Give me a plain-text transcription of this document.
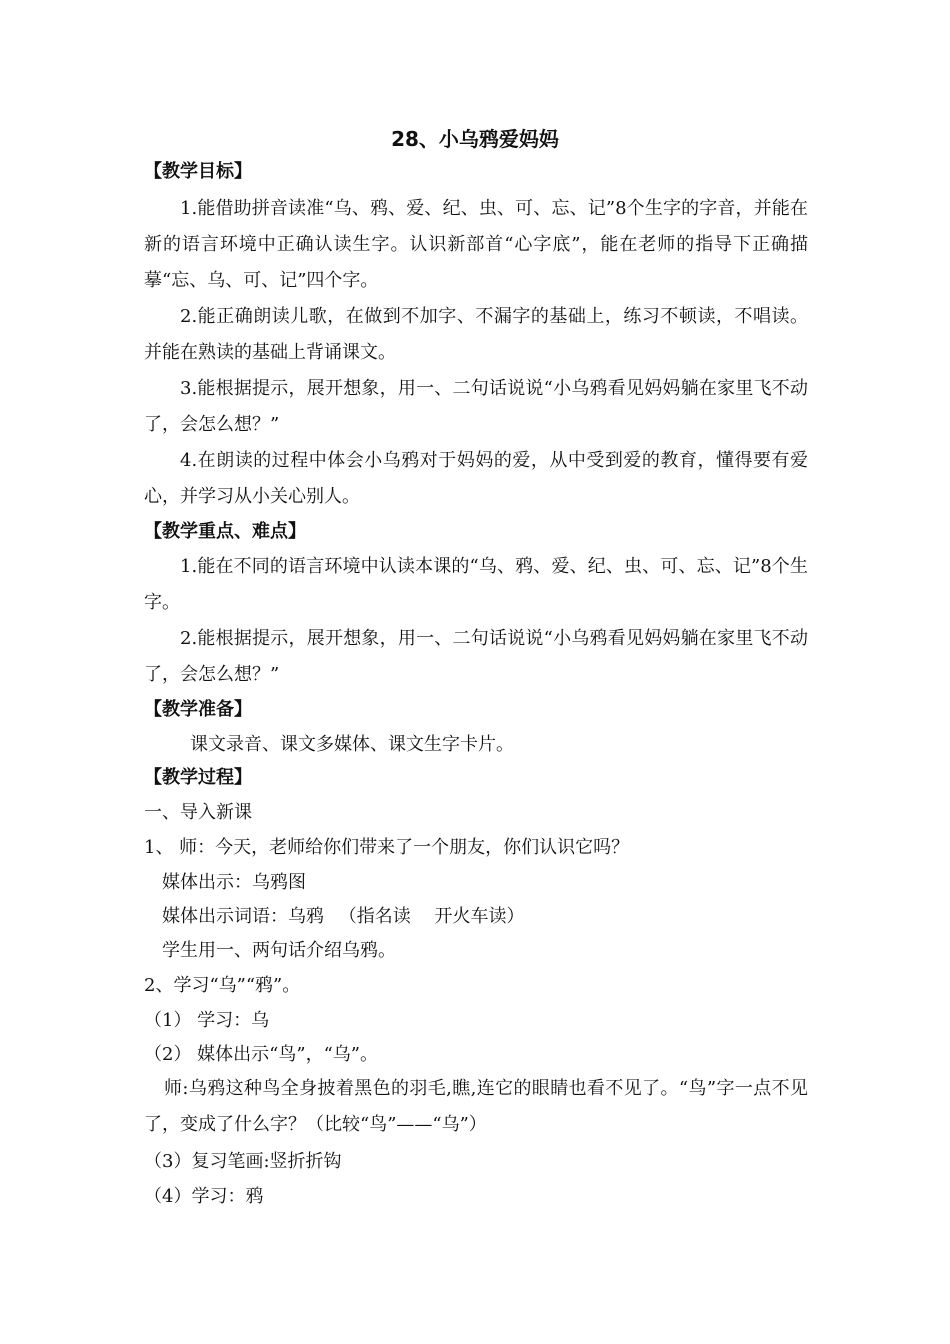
28、小乌鸦爱妈妈
【教学目标】
1.能借助拼音读准“乌、鸦、爱、纪、虫、可、忘、记”8个生字的字音，并能在新的语言环境中正确认读生字。认识新部首“心字底”，能在老师的指导下正确描摹“忘、乌、可、记”四个字。
2.能正确朗读儿歌，在做到不加字、不漏字的基础上，练习不顿读，不唱读。并能在熟读的基础上背诵课文。
3.能根据提示，展开想象，用一、二句话说说“小乌鸦看见妈妈躺在家里飞不动了，会怎么想？”
4.在朗读的过程中体会小乌鸦对于妈妈的爱，从中受到爱的教育，懂得要有爱心，并学习从小关心别人。
【教学重点、难点】
1.能在不同的语言环境中认读本课的“乌、鸦、爱、纪、虫、可、忘、记”8个生字。
2.能根据提示，展开想象，用一、二句话说说“小乌鸦看见妈妈躺在家里飞不动了，会怎么想？”
【教学准备】
课文录音、课文多媒体、课文生字卡片。
【教学过程】
一、导入新课
1、 师：今天，老师给你们带来了一个朋友，你们认识它吗？
媒体出示：乌鸦图
媒体出示词语：乌鸦 　（指名读 　开火车读）
学生用一、两句话介绍乌鸦。
2、学习“乌”“鸦”。
（1） 学习：乌
（2） 媒体出示“鸟”，“乌”。
师:乌鸦这种鸟全身披着黑色的羽毛,瞧,连它的眼睛也看不见了。“鸟”字一点不见了，变成了什么字？（比较“鸟”——“乌”）
（3）复习笔画:竖折折钩
（4）学习：鸦
